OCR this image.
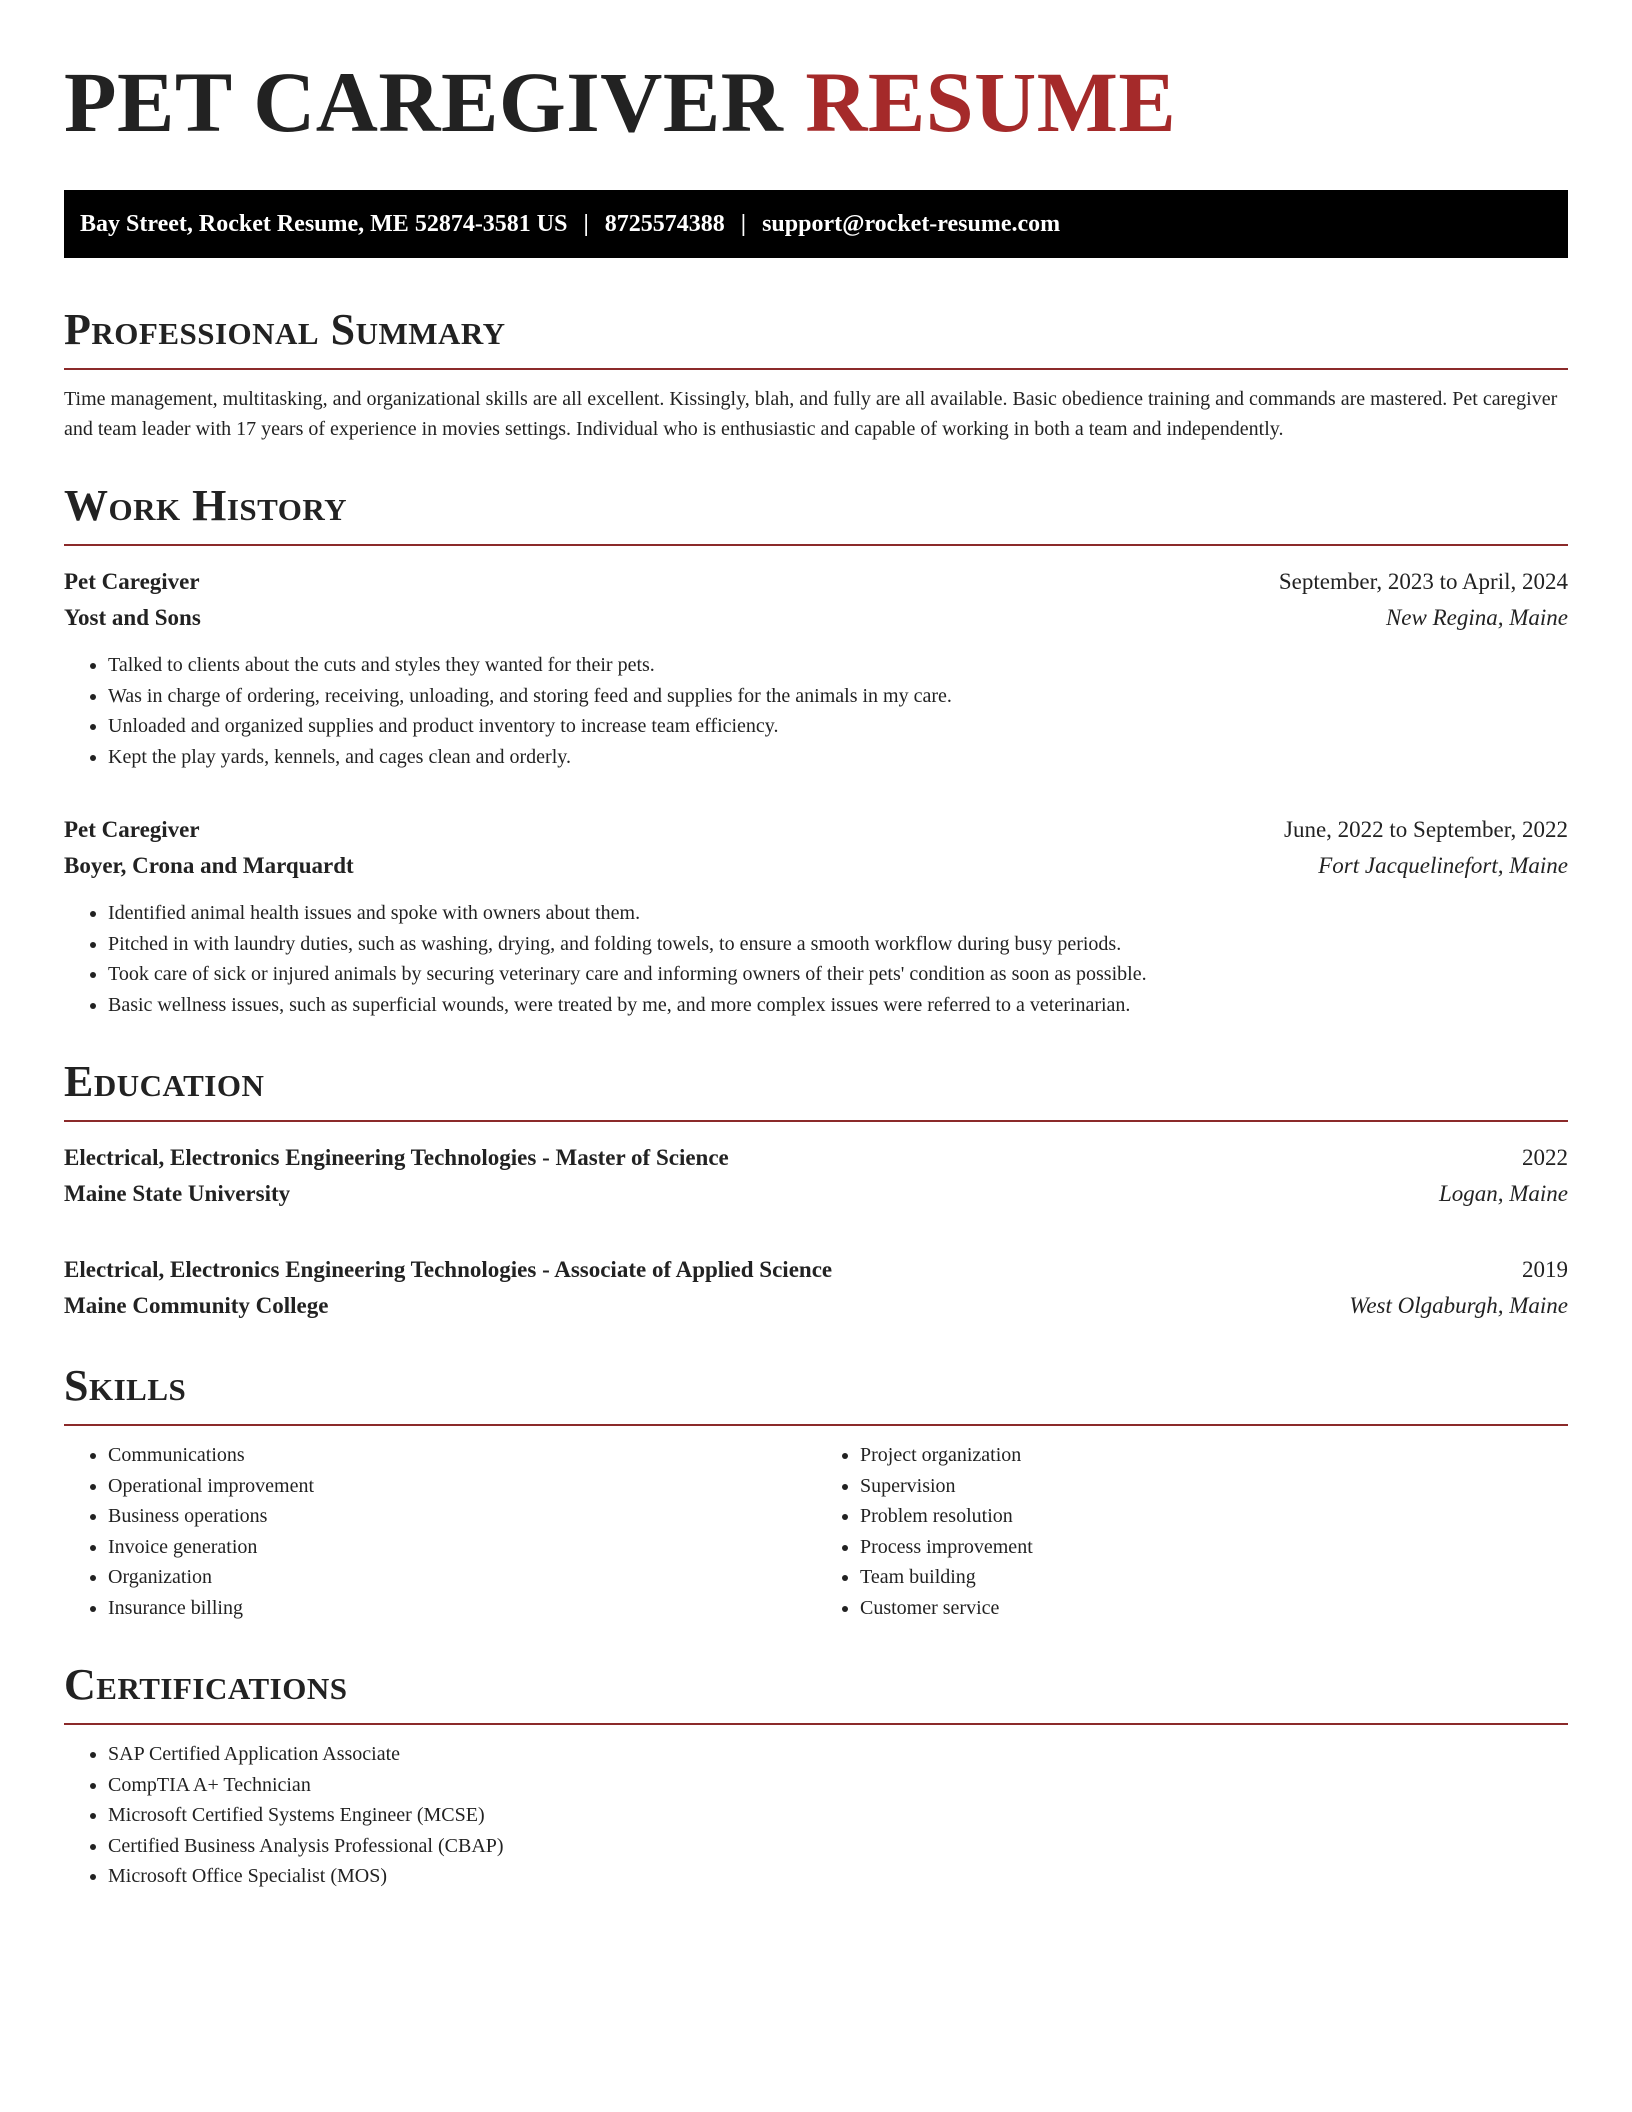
PET CAREGIVER RESUME
Bay Street, Rocket Resume, ME 52874-3581 US | 8725574388 | support@rocket-resume.com
Professional Summary

Time management, multitasking, and organizational skills are all excellent. Kissingly, blah, and fully are all available. Basic obedience training and commands are mastered. Pet caregiver and team leader with 17 years of experience in movies settings. Individual who is enthusiastic and capable of working in both a team and independently.

Work History
Pet Caregiver	September, 2023 to April, 2024
Yost and Sons	New Regina, Maine
• Talked to clients about the cuts and styles they wanted for their pets.
• Was in charge of ordering, receiving, unloading, and storing feed and supplies for the animals in my care.
• Unloaded and organized supplies and product inventory to increase team efficiency.
• Kept the play yards, kennels, and cages clean and orderly.
Pet Caregiver	June, 2022 to September, 2022
Boyer, Crona and Marquardt	Fort Jacquelinefort, Maine
• Identified animal health issues and spoke with owners about them.
• Pitched in with laundry duties, such as washing, drying, and folding towels, to ensure a smooth workflow during busy periods.
• Took care of sick or injured animals by securing veterinary care and informing owners of their pets' condition as soon as possible.
• Basic wellness issues, such as superficial wounds, were treated by me, and more complex issues were referred to a veterinarian.
Education
Electrical, Electronics Engineering Technologies - Master of Science	2022
Maine State University	Logan, Maine
Electrical, Electronics Engineering Technologies - Associate of Applied Science	2019
Maine Community College	West Olgaburgh, Maine
Skills
• Communications
• Operational improvement
• Business operations
• Invoice generation
• Organization
• Insurance billing
• Project organization
• Supervision
• Problem resolution
• Process improvement
• Team building
• Customer service
Certifications
• SAP Certified Application Associate
• CompTIA A+ Technician
• Microsoft Certified Systems Engineer (MCSE)
• Certified Business Analysis Professional (CBAP)
• Microsoft Office Specialist (MOS)
